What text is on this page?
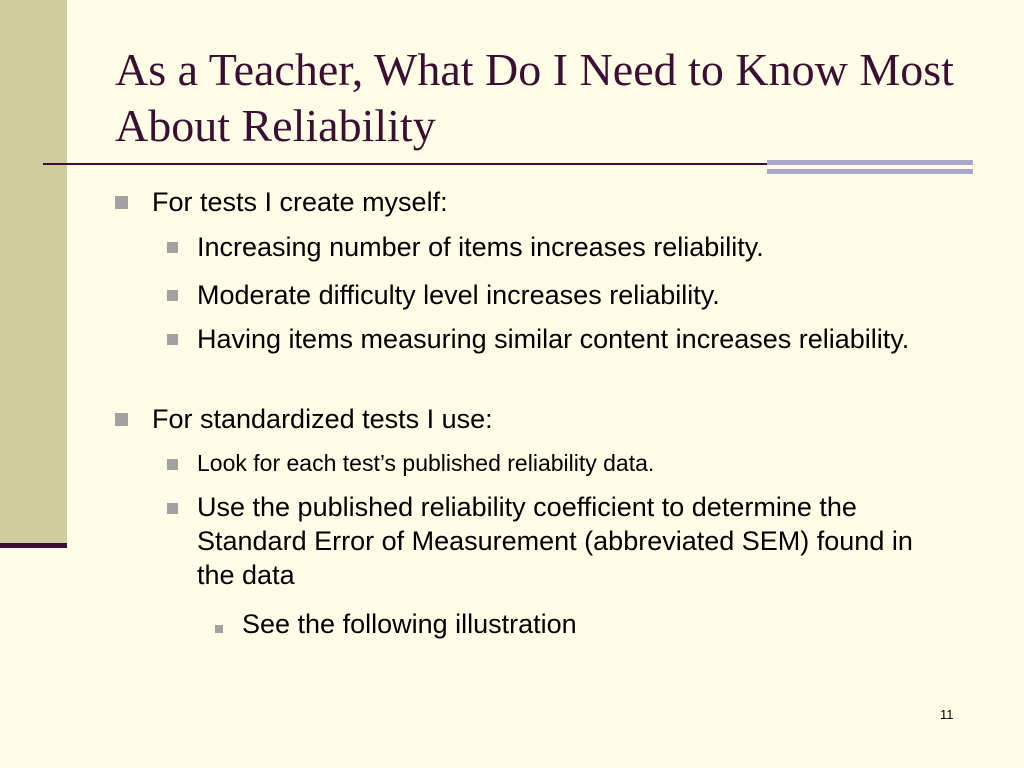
As a Teacher, What Do I Need to Know Most About Reliability
For tests I create myself:
Increasing number of items increases reliability.
Moderate difficulty level increases reliability.
Having items measuring similar content increases reliability.
For standardized tests I use:
Look for each test’s published reliability data.
Use the published reliability coefficient to determine the Standard Error of Measurement (abbreviated SEM) found in the data
See the following illustration
11
